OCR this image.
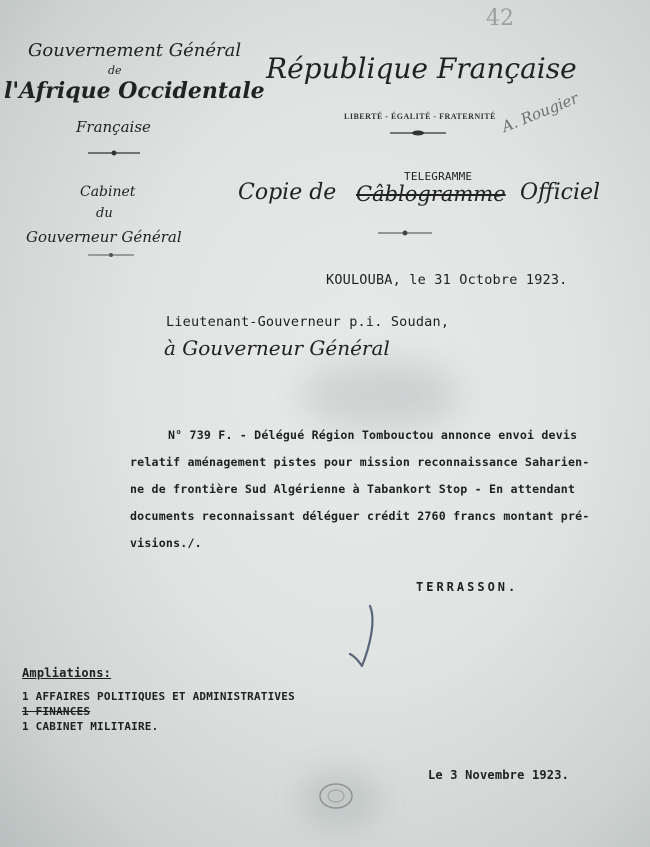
42
Gouvernement Général
de
l'Afrique Occidentale
Française
Cabinet
du
Gouverneur Général
République Française
LIBERTÉ - ÉGALITÉ - FRATERNITÉ
TELEGRAMME
A. Rougier
Copie de Câblogramme Officiel
KOULOUBA, le 31 Octobre 1923.
Lieutenant-Gouverneur p.i. Soudan,
à Gouverneur Général
N° 739 F. - Délégué Région Tombouctou annonce envoi devis
relatif aménagement pistes pour mission reconnaissance Saharien-
ne de frontière Sud Algérienne à Tabankort Stop - En attendant
documents reconnaissant déléguer crédit 2760 francs montant pré-
visions./.
TERRASSON.
Ampliations:
1 AFFAIRES POLITIQUES ET ADMINISTRATIVES
1 FINANCES
1 CABINET MILITAIRE.
Le 3 Novembre 1923.
